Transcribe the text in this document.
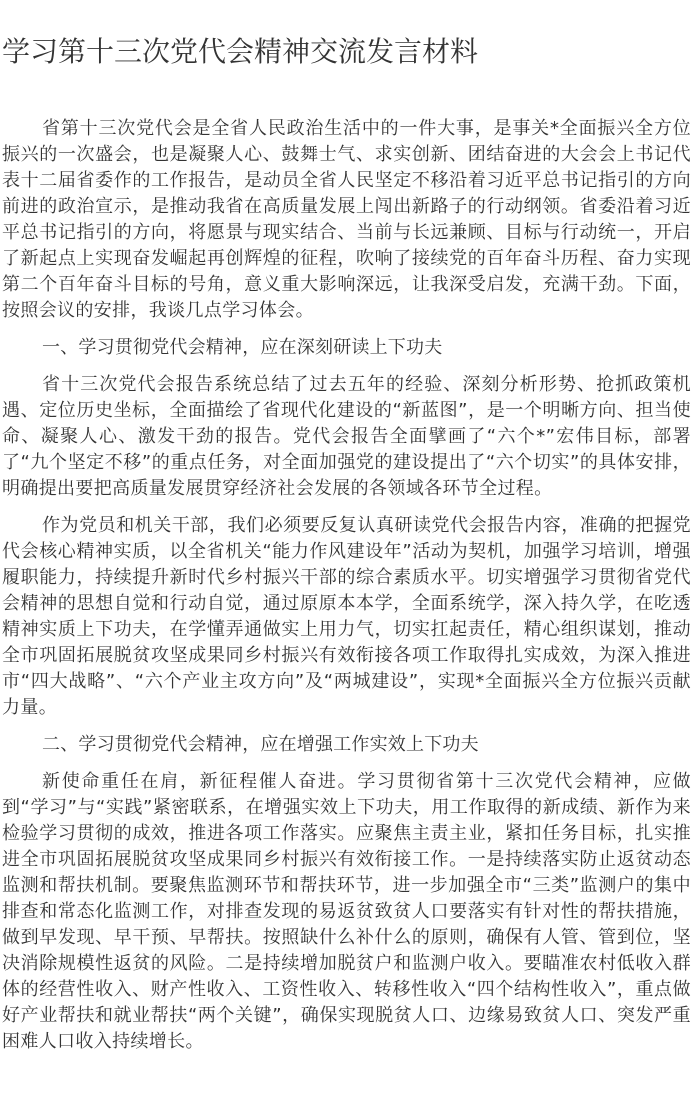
学习第十三次党代会精神交流发言材料

省第十三次党代会是全省人民政治生活中的一件大事，是事关*全面振兴全方位振兴的一次盛会，也是凝聚人心、鼓舞士气、求实创新、团结奋进的大会会上书记代表十二届省委作的工作报告，是动员全省人民坚定不移沿着习近平总书记指引的方向前进的政治宣示，是推动我省在高质量发展上闯出新路子的行动纲领。省委沿着习近平总书记指引的方向，将愿景与现实结合、当前与长远兼顾、目标与行动统一，开启了新起点上实现奋发崛起再创辉煌的征程，吹响了接续党的百年奋斗历程、奋力实现第二个百年奋斗目标的号角，意义重大影响深远，让我深受启发，充满干劲。下面，按照会议的安排，我谈几点学习体会。

一、学习贯彻党代会精神，应在深刻研读上下功夫

省十三次党代会报告系统总结了过去五年的经验、深刻分析形势、抢抓政策机遇、定位历史坐标，全面描绘了省现代化建设的“新蓝图”，是一个明晰方向、担当使命、凝聚人心、激发干劲的报告。党代会报告全面擘画了“六个*”宏伟目标，部署了“九个坚定不移”的重点任务，对全面加强党的建设提出了“六个切实”的具体安排，明确提出要把高质量发展贯穿经济社会发展的各领域各环节全过程。

作为党员和机关干部，我们必须要反复认真研读党代会报告内容，准确的把握党代会核心精神实质，以全省机关“能力作风建设年”活动为契机，加强学习培训，增强履职能力，持续提升新时代乡村振兴干部的综合素质水平。切实增强学习贯彻省党代会精神的思想自觉和行动自觉，通过原原本本学，全面系统学，深入持久学，在吃透精神实质上下功夫，在学懂弄通做实上用力气，切实扛起责任，精心组织谋划，推动全市巩固拓展脱贫攻坚成果同乡村振兴有效衔接各项工作取得扎实成效，为深入推进市“四大战略”、“六个产业主攻方向”及“两城建设”，实现*全面振兴全方位振兴贡献力量。

二、学习贯彻党代会精神，应在增强工作实效上下功夫

新使命重任在肩，新征程催人奋进。学习贯彻省第十三次党代会精神，应做到“学习”与“实践”紧密联系，在增强实效上下功夫，用工作取得的新成绩、新作为来检验学习贯彻的成效，推进各项工作落实。应聚焦主责主业，紧扣任务目标，扎实推进全市巩固拓展脱贫攻坚成果同乡村振兴有效衔接工作。一是持续落实防止返贫动态监测和帮扶机制。要聚焦监测环节和帮扶环节，进一步加强全市“三类”监测户的集中排查和常态化监测工作，对排查发现的易返贫致贫人口要落实有针对性的帮扶措施，做到早发现、早干预、早帮扶。按照缺什么补什么的原则，确保有人管、管到位，坚决消除规模性返贫的风险。二是持续增加脱贫户和监测户收入。要瞄准农村低收入群体的经营性收入、财产性收入、工资性收入、转移性收入“四个结构性收入”，重点做好产业帮扶和就业帮扶“两个关键”，确保实现脱贫人口、边缘易致贫人口、突发严重困难人口收入持续增长。
